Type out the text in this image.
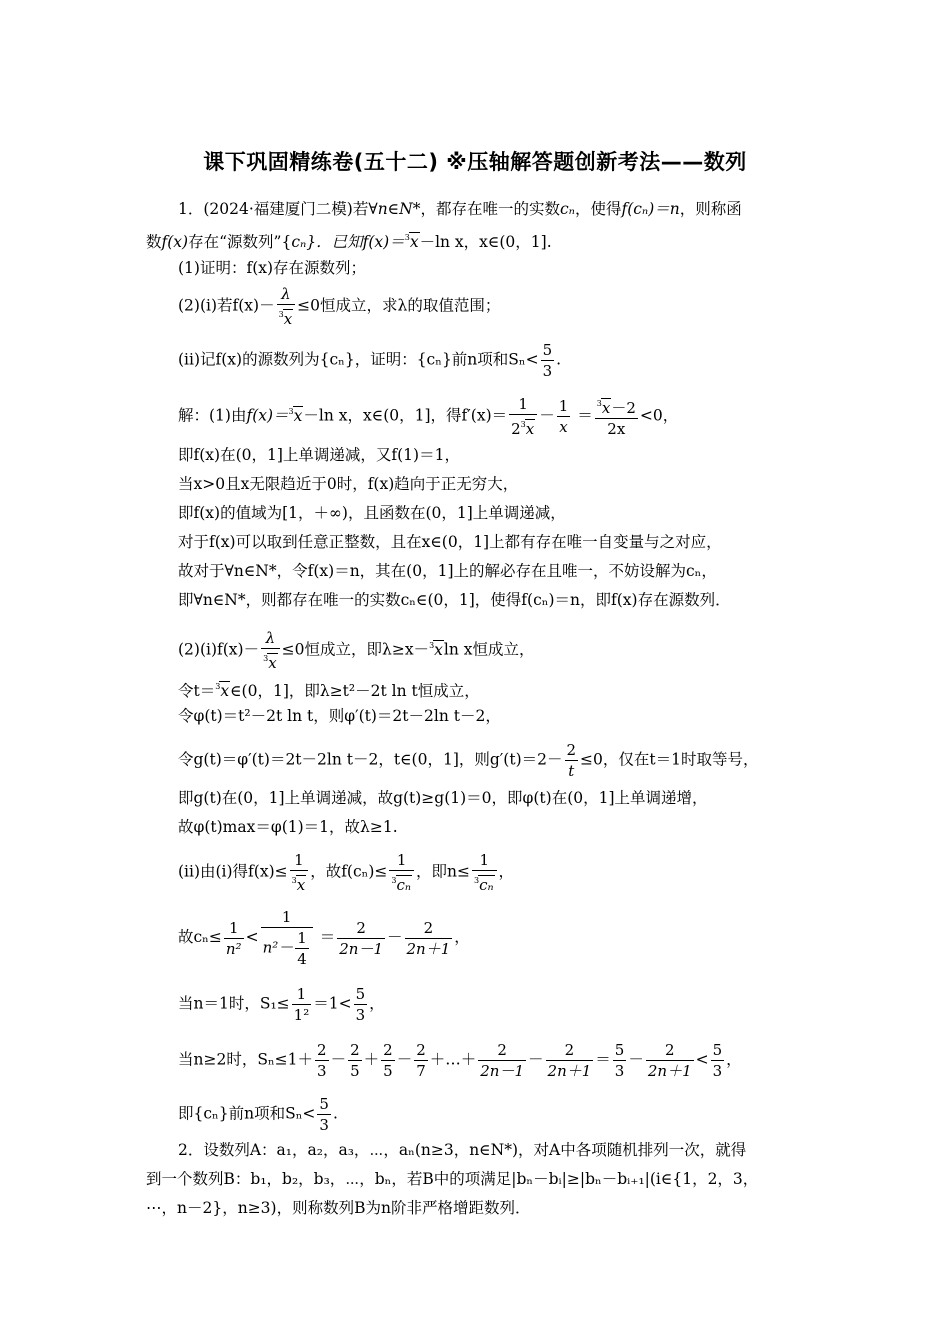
课下巩固精练卷(五十二) ※压轴解答题创新考法——数列
1．(2024·福建厦门二模)若∀n∈N*，都存在唯一的实数cₙ，使得f(cₙ)＝n，则称函
数f(x)存在“源数列”{cₙ}．已知f(x)＝$^3$x－ln x，x∈(0，1].
(1)证明：f(x)存在源数列；
(2)(i)若$f(x)- \frac{\lambda}{^3x} \le 0$恒成立，求λ的取值范围；
(ii)记f(x)的源数列为{cₙ}，证明：{cₙ}前n项和$S_n< \frac{5}{3}$ .
解：(1)由f(x)＝$^3$x－ln x，x∈(0，1]，得$f'(x)= \frac{1}{2^3x} - \frac{1}{x} = \frac{^3x-2}{2x} <0$，
即f(x)在(0，1]上单调递减，又f(1)＝1，
当x>0且x无限趋近于0时，f(x)趋向于正无穷大，
即f(x)的值域为[1，＋∞)，且函数在(0，1]上单调递减，
对于f(x)可以取到任意正整数，且在x∈(0，1]上都有存在唯一自变量与之对应，
故对于∀n∈N*，令f(x)＝n，其在(0，1]上的解必存在且唯一，不妨设解为cₙ，
即∀n∈N*，则都存在唯一的实数cₙ∈(0，1]，使得f(cₙ)＝n，即f(x)存在源数列．
$(2)(i)f(x)- \frac{\lambda}{^3x} \le 0$恒成立，即λ≥x－$^3$xln x恒成立，
令t＝$^3$x∈(0，1]，即λ≥t²－2t ln t恒成立，
令φ(t)＝t²－2t ln t，则φ′(t)＝2t－2ln t－2，
令g(t)＝φ′(t)＝2t－2ln t－2，t∈(0，1]，则$g'(t)=2- \frac{2}{t} \le 0$，仅在t＝1时取等号，
即g(t)在(0，1]上单调递减，故g(t)≥g(1)＝0，即φ(t)在(0，1]上单调递增，
故φ(t)max＝φ(1)＝1，故λ≥1.
(ii)由(i)得$f(x)\le \frac{1}{^3x}$ ，故$f(c_n)\le \frac{1}{^3c_n}$ ，即$n\le \frac{1}{^3c_n}$ ，
故$c_n\le \frac{1}{\text{n²}} < \frac{1}{n^2- \frac{1}{4}} = \frac{2}{2n-1} - \frac{2}{2n+1}$ ，
当n＝1时，$S_1\le \frac{1}{\text{1²}} =1< \frac{5}{3}$ ，
当n≥2时，$S_n\le 1+ \frac{2}{3} - \frac{2}{5} + \frac{2}{5} - \frac{2}{7}$ ＋…＋ $\frac{2}{2n-1} - \frac{2}{2n+1} = \frac{5}{3} - \frac{2}{2n+1} < \frac{5}{3}$ ，
即{cₙ}前n项和$S_n< \frac{5}{3}$ .
2．设数列A：a₁，a₂，a₃，⋯，aₙ(n≥3，n∈N*)，对A中各项随机排列一次，就得
到一个数列B：b₁，b₂，b₃，⋯，bₙ，若B中的项满足|bₙ－bᵢ|≥|bₙ－bᵢ₊₁|(i∈{1，2，3，
⋯，n－2}，n≥3)，则称数列B为n阶非严格增距数列．
